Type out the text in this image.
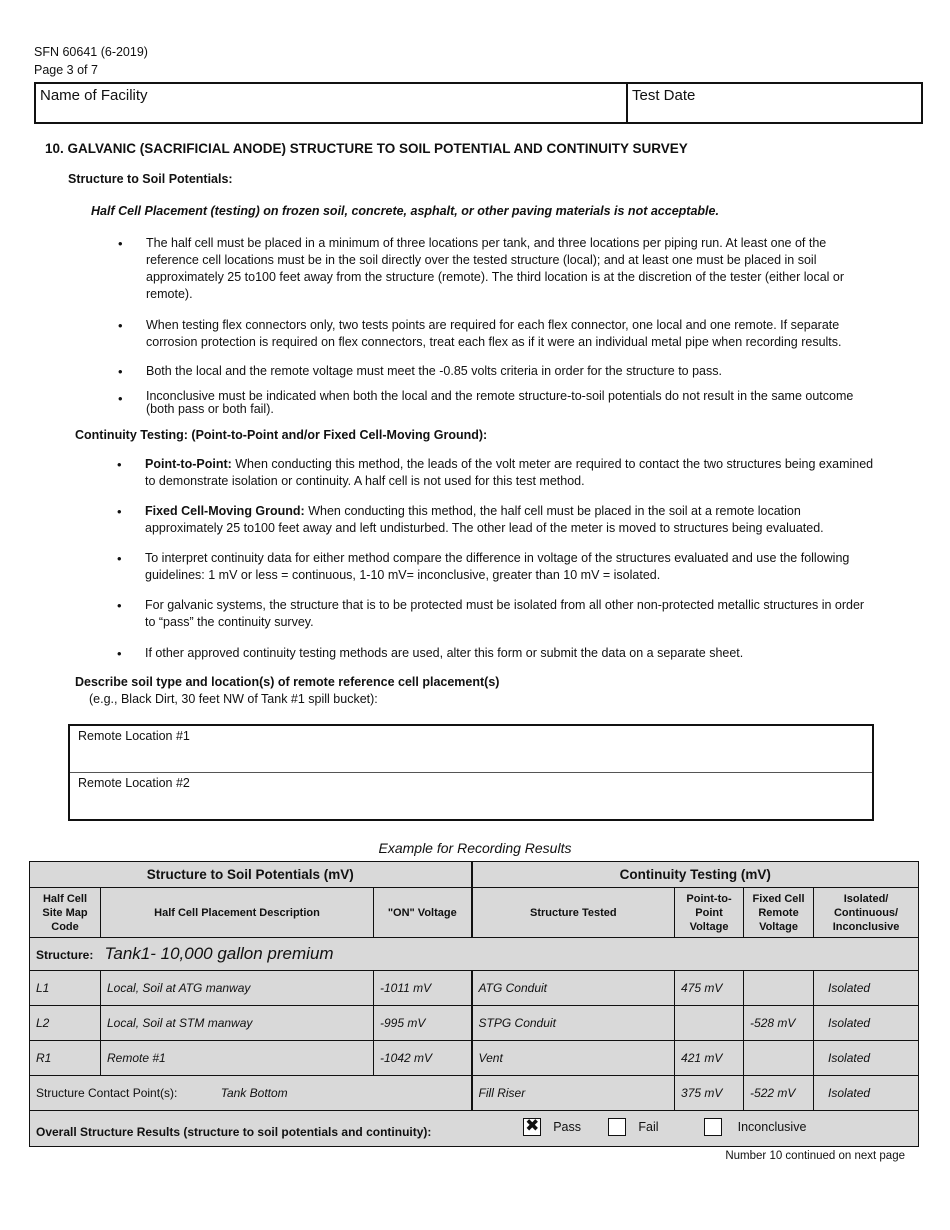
SFN 60641 (6-2019)
Page 3 of 7
Name of Facility	Test Date
10. GALVANIC (SACRIFICIAL ANODE) STRUCTURE TO SOIL POTENTIAL AND CONTINUITY SURVEY
Structure to Soil Potentials:
Half Cell Placement (testing) on frozen soil, concrete, asphalt, or other paving materials is not acceptable.
• The half cell must be placed in a minimum of three locations per tank, and three locations per piping run. At least one of the reference cell locations must be in the soil directly over the tested structure (local); and at least one must be placed in soil approximately 25 to100 feet away from the structure (remote). The third location is at the discretion of the tester (either local or remote).
• When testing flex connectors only, two tests points are required for each flex connector, one local and one remote. If separate corrosion protection is required on flex connectors, treat each flex as if it were an individual metal pipe when recording results.
• Both the local and the remote voltage must meet the -0.85 volts criteria in order for the structure to pass.
• Inconclusive must be indicated when both the local and the remote structure-to-soil potentials do not result in the same outcome (both pass or both fail).
Continuity Testing: (Point-to-Point and/or Fixed Cell-Moving Ground):
• Point-to-Point: When conducting this method, the leads of the volt meter are required to contact the two structures being examined to demonstrate isolation or continuity. A half cell is not used for this test method.
• Fixed Cell-Moving Ground: When conducting this method, the half cell must be placed in the soil at a remote location approximately 25 to100 feet away and left undisturbed. The other lead of the meter is moved to structures being evaluated.
• To interpret continuity data for either method compare the difference in voltage of the structures evaluated and use the following guidelines: 1 mV or less = continuous, 1-10 mV= inconclusive, greater than 10 mV = isolated.
• For galvanic systems, the structure that is to be protected must be isolated from all other non-protected metallic structures in order to “pass” the continuity survey.
• If other approved continuity testing methods are used, alter this form or submit the data on a separate sheet.
Describe soil type and location(s) of remote reference cell placement(s)
(e.g., Black Dirt, 30 feet NW of Tank #1 spill bucket):
Remote Location #1
Remote Location #2
Example for Recording Results
Structure to Soil Potentials (mV)			Continuity Testing (mV)			
Half Cell Site Map Code	Half Cell Placement Description	"ON" Voltage	Structure Tested	Point-to-Point Voltage	Fixed Cell Remote Voltage	Isolated/ Continuous/ Inconclusive
Structure: Tank1- 10,000 gallon premium						
L1	Local, Soil at ATG manway	-1011 mV	ATG Conduit	475 mV		Isolated
L2	Local, Soil at STM manway	-995 mV	STPG Conduit		-528 mV	Isolated
R1	Remote #1	-1042 mV	Vent	421 mV		Isolated
Structure Contact Point(s): Tank Bottom			Fill Riser	375 mV	-522 mV	Isolated
Overall Structure Results (structure to soil potentials and continuity): ✖ Pass
Fail
Inconclusive						
Number 10 continued on next page
